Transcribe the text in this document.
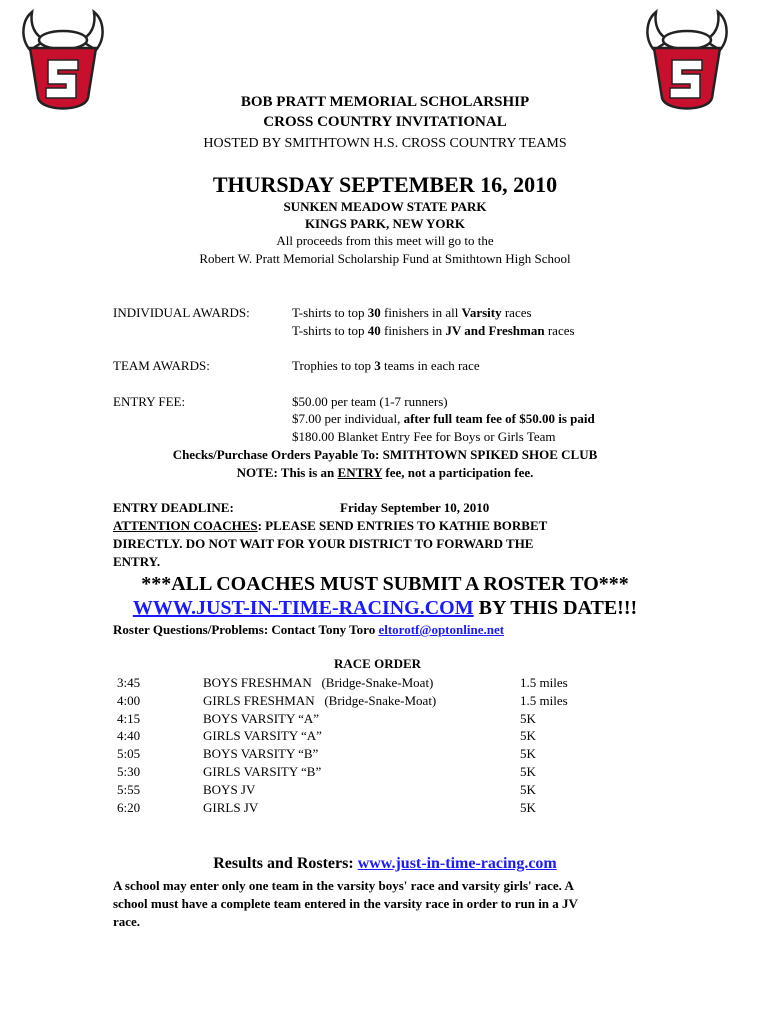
BOB PRATT MEMORIAL SCHOLARSHIP
CROSS COUNTRY INVITATIONAL
HOSTED BY SMITHTOWN H.S. CROSS COUNTRY TEAMS
THURSDAY SEPTEMBER 16, 2010
SUNKEN MEADOW STATE PARK
KINGS PARK, NEW YORK
All proceeds from this meet will go to the
Robert W. Pratt Memorial Scholarship Fund at Smithtown High School
INDIVIDUAL AWARDS:	T-shirts to top 30 finishers in all Varsity races
T-shirts to top 40 finishers in JV and Freshman races
TEAM AWARDS:	Trophies to top 3 teams in each race
ENTRY FEE:	$50.00 per team (1-7 runners)
$7.00 per individual, after full team fee of $50.00 is paid
$180.00 Blanket Entry Fee for Boys or Girls Team
Checks/Purchase Orders Payable To: SMITHTOWN SPIKED SHOE CLUB
NOTE: This is an ENTRY fee, not a participation fee.
ENTRY DEADLINE:	Friday September 10, 2010
ATTENTION COACHES: PLEASE SEND ENTRIES TO KATHIE BORBET
DIRECTLY. DO NOT WAIT FOR YOUR DISTRICT TO FORWARD THE
ENTRY.
***ALL COACHES MUST SUBMIT A ROSTER TO***
WWW.JUST-IN-TIME-RACING.COM BY THIS DATE!!!
Roster Questions/Problems: Contact Tony Toro eltorotf@optonline.net
RACE ORDER
3:45	BOYS FRESHMAN   (Bridge-Snake-Moat)	1.5 miles
4:00	GIRLS FRESHMAN   (Bridge-Snake-Moat)	1.5 miles
4:15	BOYS VARSITY “A”	5K
4:40	GIRLS VARSITY “A”	5K
5:05	BOYS VARSITY “B”	5K
5:30	GIRLS VARSITY “B”	5K
5:55	BOYS JV	5K
6:20	GIRLS JV	5K
Results and Rosters: www.just-in-time-racing.com
A school may enter only one team in the varsity boys' race and varsity girls' race. A
school must have a complete team entered in the varsity race in order to run in a JV
race.
